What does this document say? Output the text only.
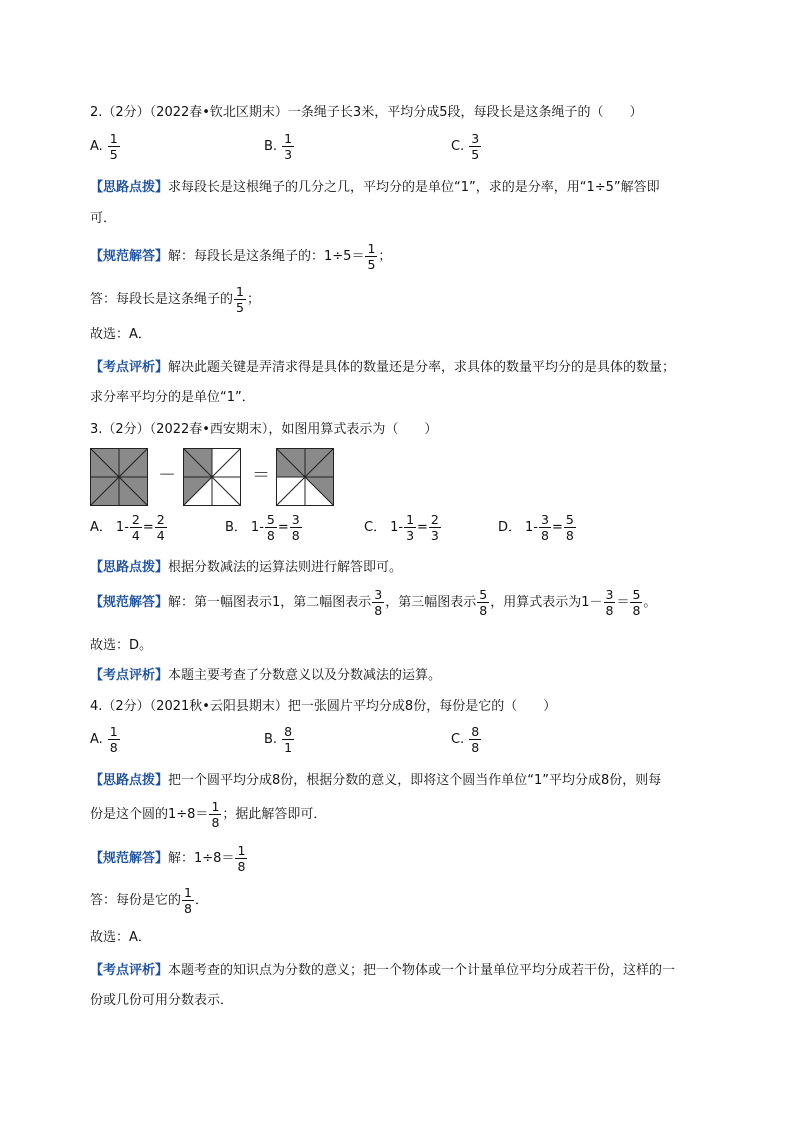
2.（2分）（2022春•钦北区期末）一条绳子长3米，平均分成5段，每段长是这条绳子的（　　）
A. $\frac{1}{5}$	B. $\frac{1}{3}$	C. $\frac{3}{5}$
【思路点拨】求每段长是这根绳子的几分之几，平均分的是单位“1”，求的是分率，用“1÷5”解答即
可．
【规范解答】 解：每段长是这条绳子的：$1\div 5= \frac{1}{5}$ ；
答：每段长是这条绳子的 $\frac{1}{5}$ ；
故选：A．
【考点评析】解决此题关键是弄清求得是具体的数量还是分率，求具体的数量平均分的是具体的数量；
求分率平均分的是单位“1”．
3.（2分）（2022春•西安期末），如图用算式表示为（　　）
－	＝
A． $1 - \frac{2}{4} = \frac{2}{4}$	B． $1 - \frac{5}{8} = \frac{3}{8}$	C． $1 - \frac{1}{3} = \frac{2}{3}$	D． $1 - \frac{3}{8} = \frac{5}{8}$
【思路点拨】根据分数减法的运算法则进行解答即可。
【规范解答】 解：第一幅图表示1，第二幅图表示 $\frac{3}{8}$ ，第三幅图表示 $\frac{5}{8}$ ，用算式表示为$1- \frac{3}{8} = \frac{5}{8}$ 。
故选：D。
【考点评析】本题主要考查了分数意义以及分数减法的运算。
4.（2分）（2021秋•云阳县期末）把一张圆片平均分成8份，每份是它的（　　）
A. $\frac{1}{8}$	B. $\frac{8}{1}$	C. $\frac{8}{8}$
【思路点拨】把一个圆平均分成8份，根据分数的意义，即将这个圆当作单位“1”平均分成8份，则每
份是这个圆的$1\div 8= \frac{1}{8}$ ；据此解答即可．
【规范解答】 解：$1\div 8= \frac{1}{8}$
答：每份是它的 $\frac{1}{8}$ ．
故选：A．
【考点评析】本题考查的知识点为分数的意义；把一个物体或一个计量单位平均分成若干份，这样的一
份或几份可用分数表示．
